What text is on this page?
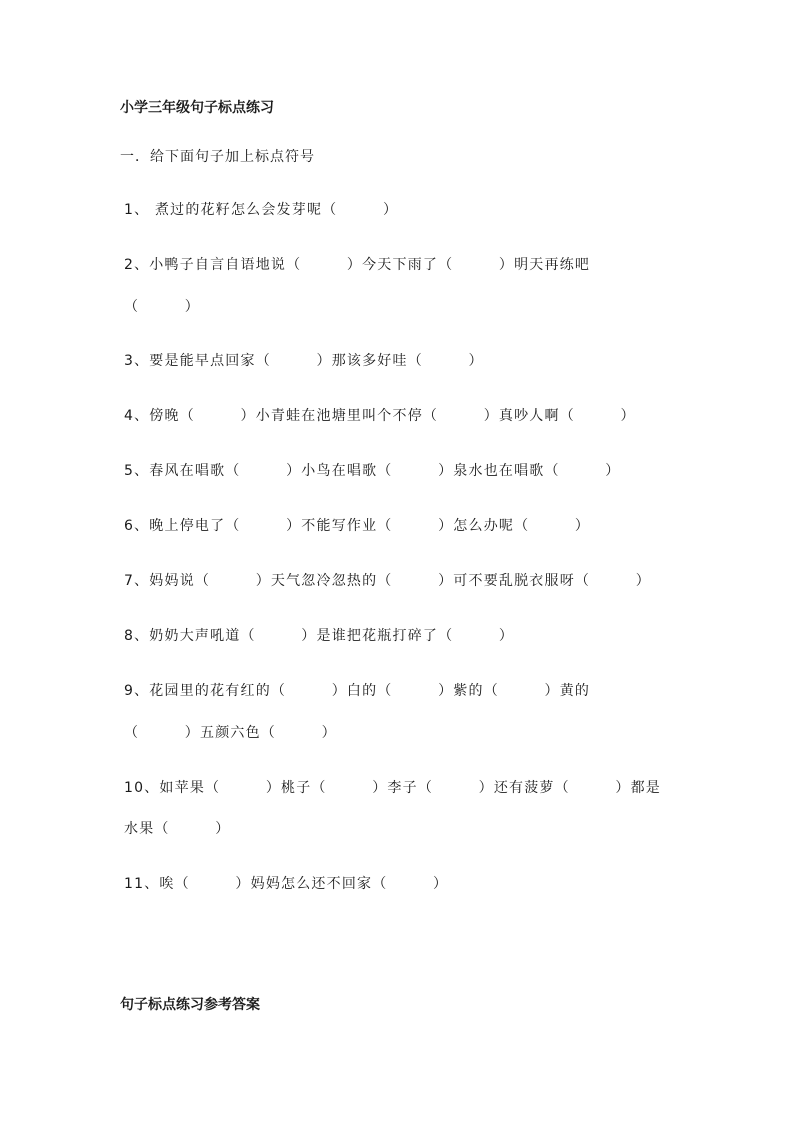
小学三年级句子标点练习
一．给下面句子加上标点符号
1、 煮过的花籽怎么会发芽呢（　　　）
2、小鸭子自言自语地说（　　　）今天下雨了（　　　）明天再练吧
（　　　）
3、要是能早点回家（　　　）那该多好哇（　　　）
4、傍晚（　　　）小青蛙在池塘里叫个不停（　　　）真吵人啊（　　　）
5、春风在唱歌（　　　）小鸟在唱歌（　　　）泉水也在唱歌（　　　）
6、晚上停电了（　　　）不能写作业（　　　）怎么办呢（　　　）
7、妈妈说（　　　）天气忽冷忽热的（　　　）可不要乱脱衣服呀（　　　）
8、奶奶大声吼道（　　　）是谁把花瓶打碎了（　　　）
9、花园里的花有红的（　　　）白的（　　　）紫的（　　　）黄的
（　　　）五颜六色（　　　）
10、如苹果（　　　）桃子（　　　）李子（　　　）还有菠萝（　　　）都是
水果（　　　）
11、唉（　　　）妈妈怎么还不回家（　　　）
句子标点练习参考答案
